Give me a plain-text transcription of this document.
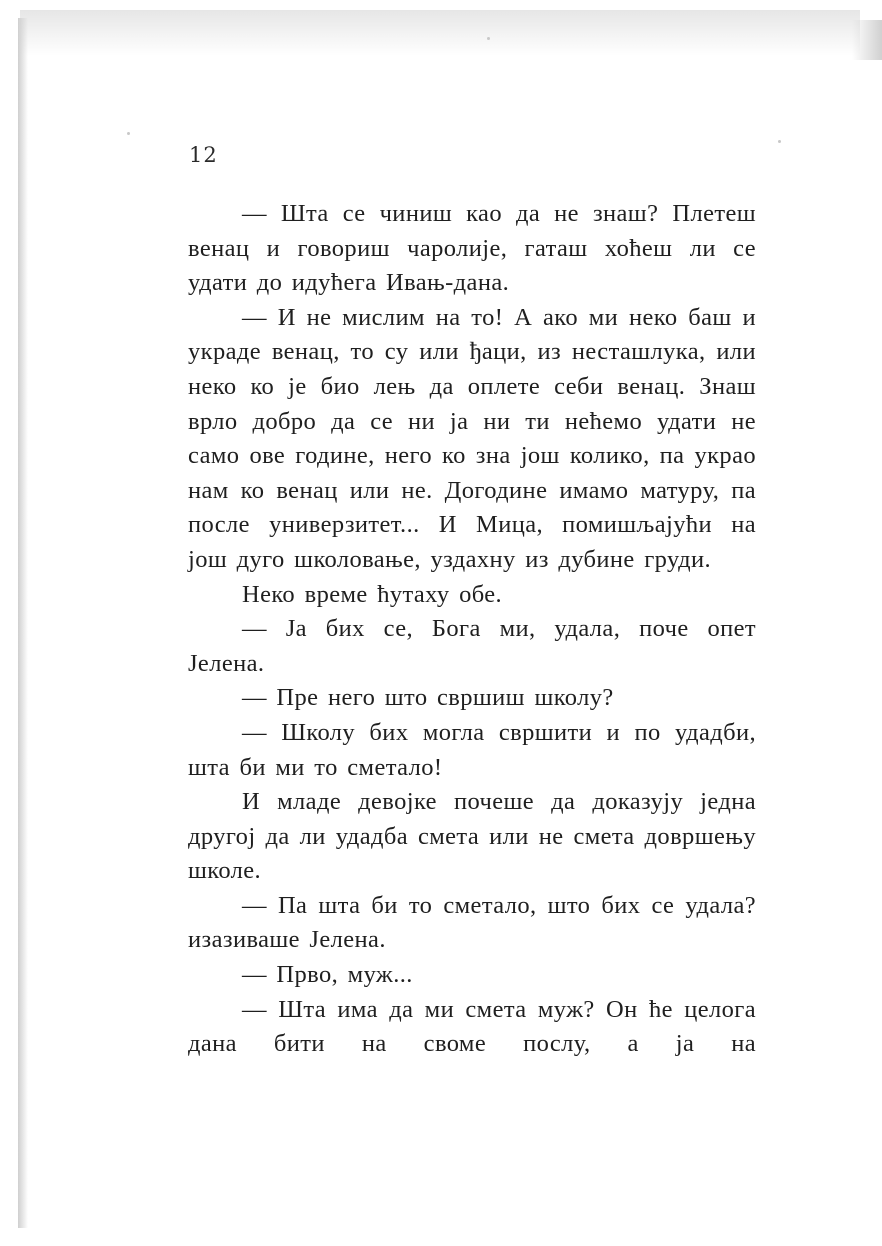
12

— Шта се чиниш као да не знаш? Плетеш венац и говориш чаролије, гаташ хоћеш ли се удати до идућега Ивањ-дана.

— И не мислим на то! А ако ми неко баш и украде венац, то су или ђаци, из несташлука, или неко ко је био лењ да оплете себи венац. Знаш врло добро да се ни ја ни ти нећемо удати не само ове године, него ко зна још колико, па украо нам ко венац или не. Догодине имамо матуру, па после универзитет... И Мица, помишљајући на још дуго школовање, уздахну из дубине груди.

Неко време ћутаху обе.

— Ја бих се, Бога ми, удала, поче опет Јелена.

— Пре него што свршиш школу?

— Школу бих могла свршити и по удадби, шта би ми то сметало!

И младе девојке почеше да доказују једна другој да ли удадба смета или не смета довршењу школе.

— Па шта би то сметало, што бих се удала? изазиваше Јелена.

— Прво, муж...

— Шта има да ми смета муж? Он ће целога дана бити на своме послу, а ја на
